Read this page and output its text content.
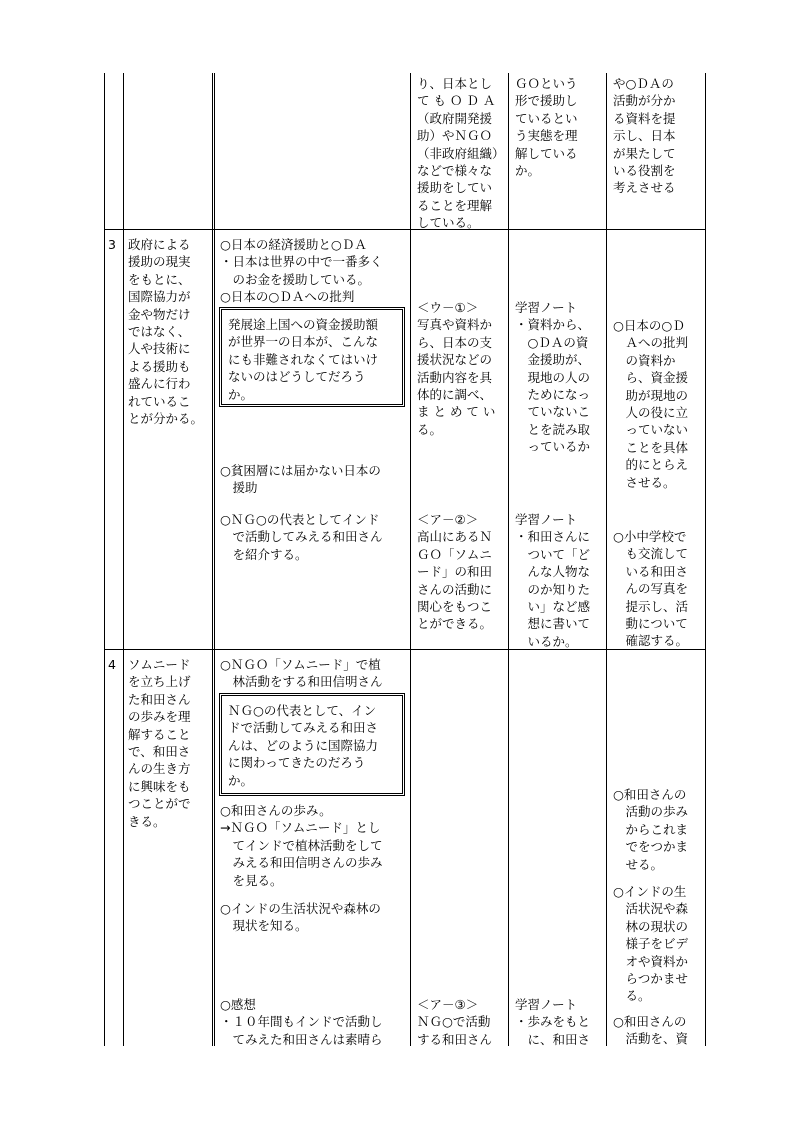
り、日本とし
て も Ｏ Ｄ Ａ
（政府開発援
助）やＮＧＯ
（非政府組織）
などで様々な
援助をしてい
ることを理解
している。
ＧＯという
形で援助し
ているとい
う実態を理
解している
か。
や○ＤＡの
活動が分か
る資料を提
示し、日本
が果たして
いる役割を
考えさせる
3 政府による
援助の現実
をもとに、
国際協力が
金や物だけ
ではなく、
人や技術に
よる援助も
盛んに行わ
れているこ
とが分かる。
○日本の経済援助と○ＤＡ
・日本は世界の中で一番多く
　のお金を援助している。
○日本の○ＤＡへの批判
発展途上国への資金援助額
が世界一の日本が、こんな
にも非難されなくてはいけ
ないのはどうしてだろう
か。
○貧困層には届かない日本の
　援助
○ＮＧ○の代表としてインド
　で活動してみえる和田さん
　を紹介する。
＜ウ－①＞
写真や資料か
ら、日本の支
援状況などの
活動内容を具
体的に調べ、
ま と め て い
る。
＜ア－②＞
高山にあるＮ
ＧＯ「ソムニ
ード」の和田
さんの活動に
関心をもつこ
とができる。
学習ノート
・資料から、
　○ＤＡの資
　金援助が、
　現地の人の
　ためになっ
　ていないこ
　とを読み取
　っているか
学習ノート
・和田さんに
　ついて「ど
　んな人物な
　のか知りた
　い」など感
　想に書いて
　いるか。
○日本の○Ｄ
　Ａへの批判
　の資料か
　ら、資金援
　助が現地の
　人の役に立
　っていない
　ことを具体
　的にとらえ
　させる。
○小中学校で
　も交流して
　いる和田さ
　んの写真を
　提示し、活
　動について
　確認する。
4 ソムニード
を立ち上げ
た和田さん
の歩みを理
解すること
で、和田さ
んの生き方
に興味をも
つことがで
きる。
○ＮＧＯ「ソムニード」で植
　林活動をする和田信明さん
ＮＧ○の代表として、イン
ドで活動してみえる和田さ
んは、どのように国際協力
に関わってきたのだろう
か。
○和田さんの歩み。
→ＮＧＯ「ソムニード」とし
　てインドで植林活動をして
　みえる和田信明さんの歩み
　を見る。
○インドの生活状況や森林の
　現状を知る。
○感想
・１０年間もインドで活動し
　てみえた和田さんは素晴ら
＜ア－③＞
ＮＧ○で活動
する和田さん
学習ノート
・歩みをもと
　に、和田さ
○和田さんの
　活動の歩み
　からこれま
　でをつかま
　せる。
○インドの生
　活状況や森
　林の現状の
　様子をビデ
　オや資料か
　らつかませ
　る。
○和田さんの
　活動を、資
